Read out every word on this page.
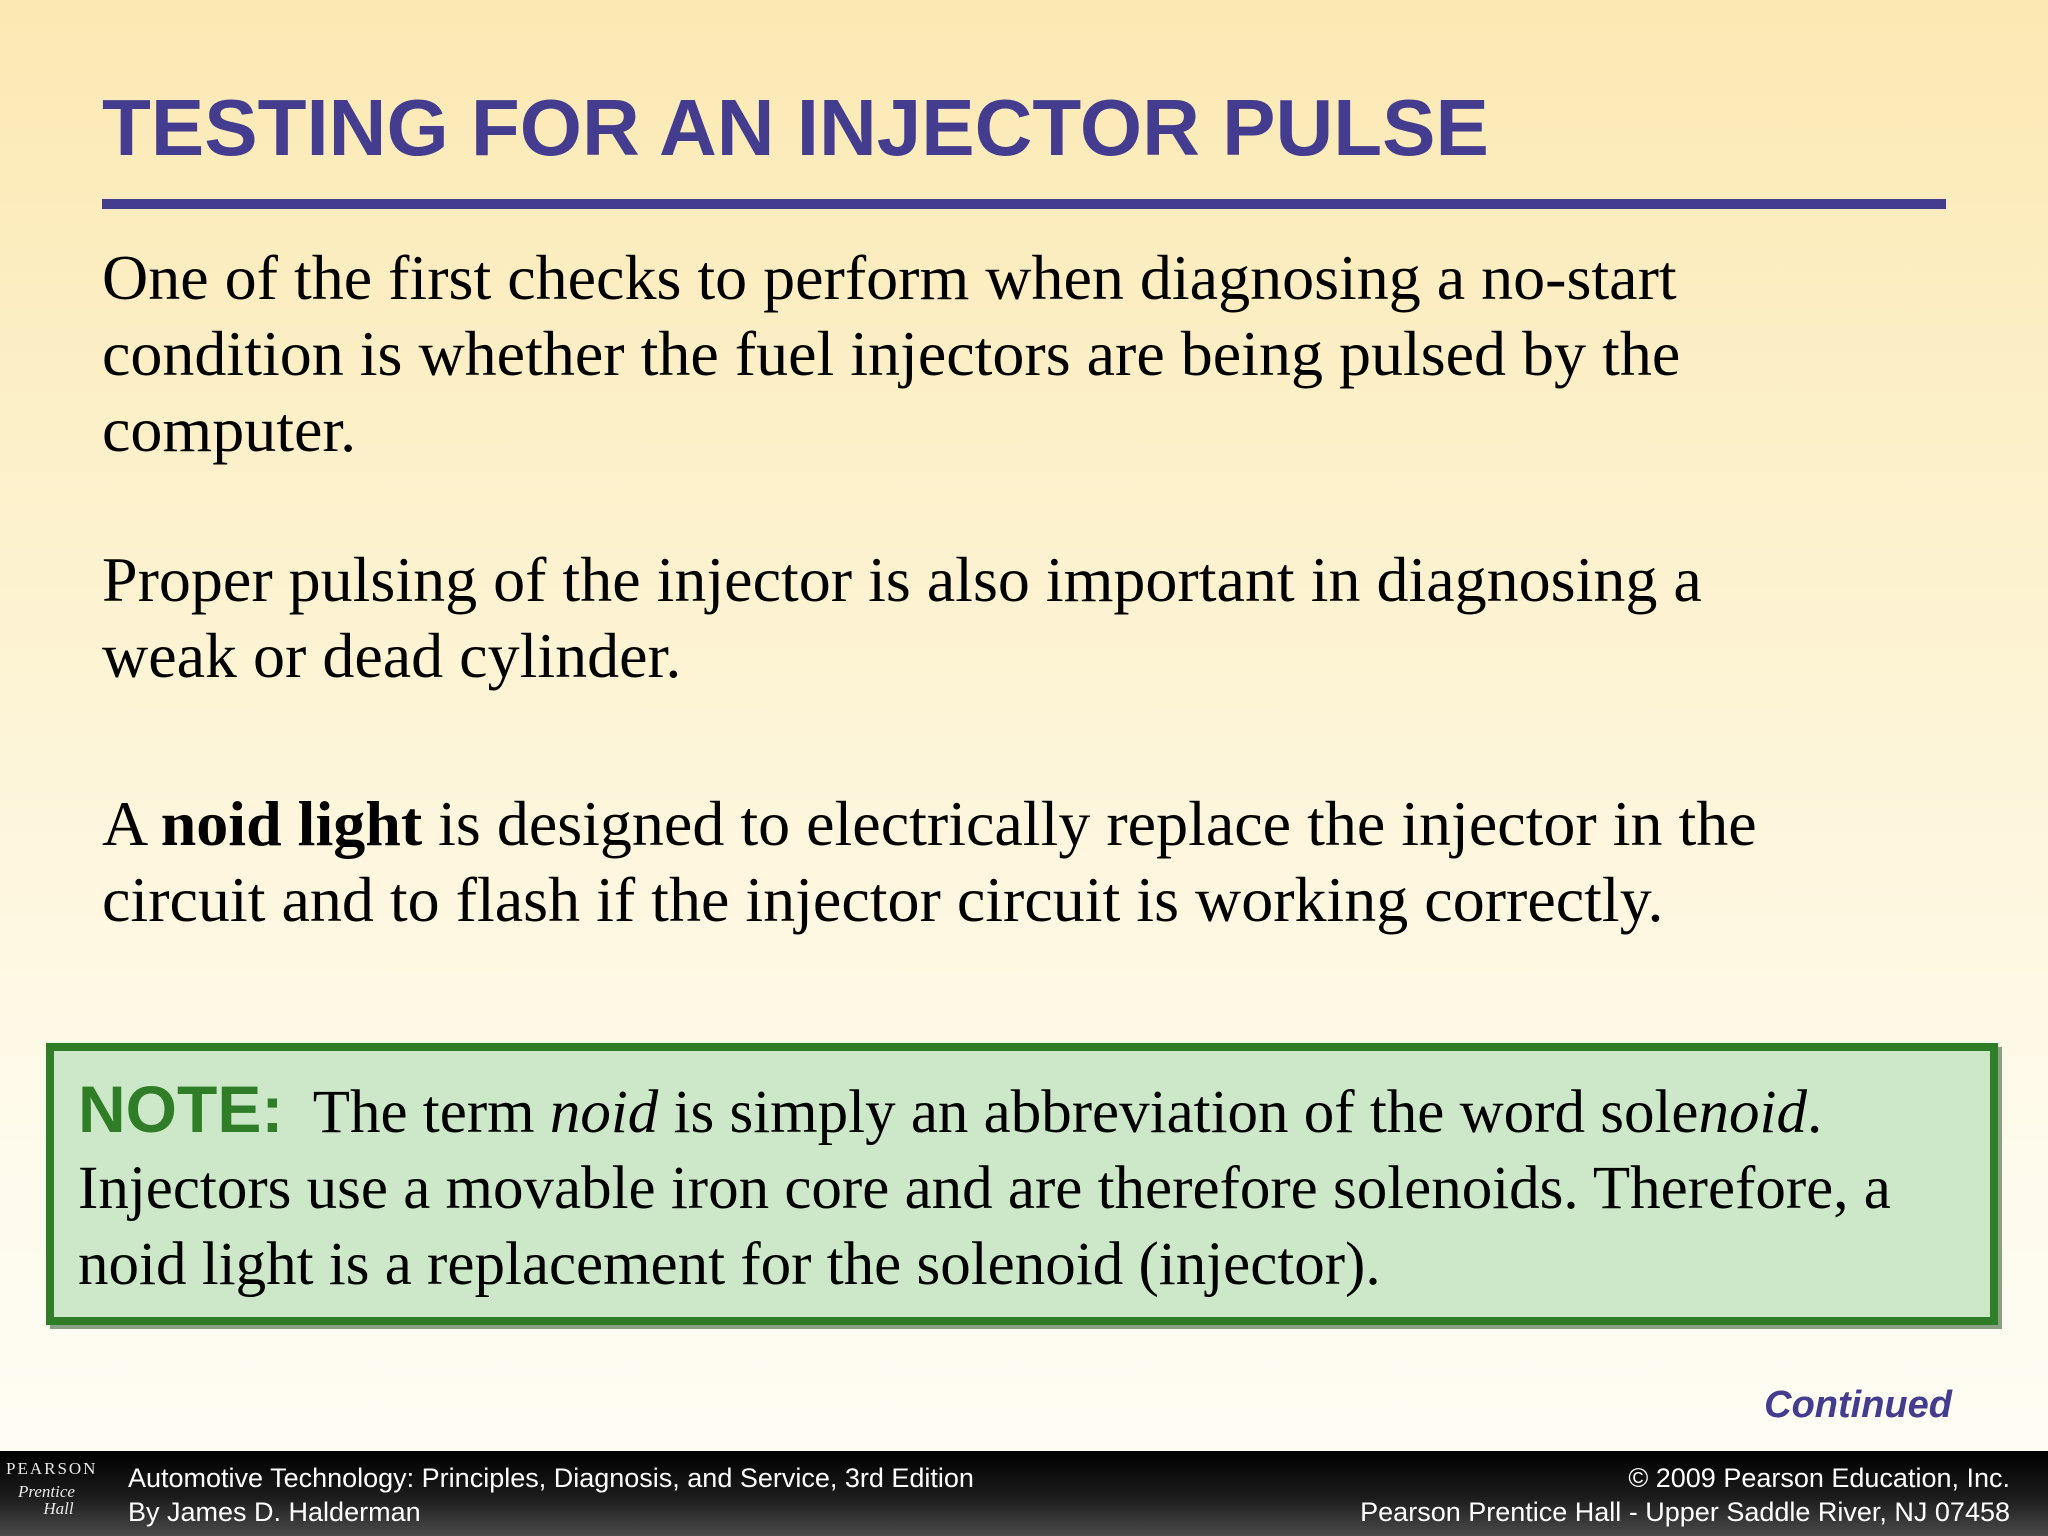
TESTING FOR AN INJECTOR PULSE

One of the first checks to perform when diagnosing a no-start
condition is whether the fuel injectors are being pulsed by the
computer.

Proper pulsing of the injector is also important in diagnosing a
weak or dead cylinder.

A noid light is designed to electrically replace the injector in the
circuit and to flash if the injector circuit is working correctly.

NOTE:  The term noid is simply an abbreviation of the word solenoid.
Injectors use a movable iron core and are therefore solenoids. Therefore, a
noid light is a replacement for the solenoid (injector).
Continued
PEARSON
Prentice
Hall
Automotive Technology: Principles, Diagnosis, and Service, 3rd Edition
By James D. Halderman
© 2009 Pearson Education, Inc.
Pearson Prentice Hall - Upper Saddle River, NJ 07458
